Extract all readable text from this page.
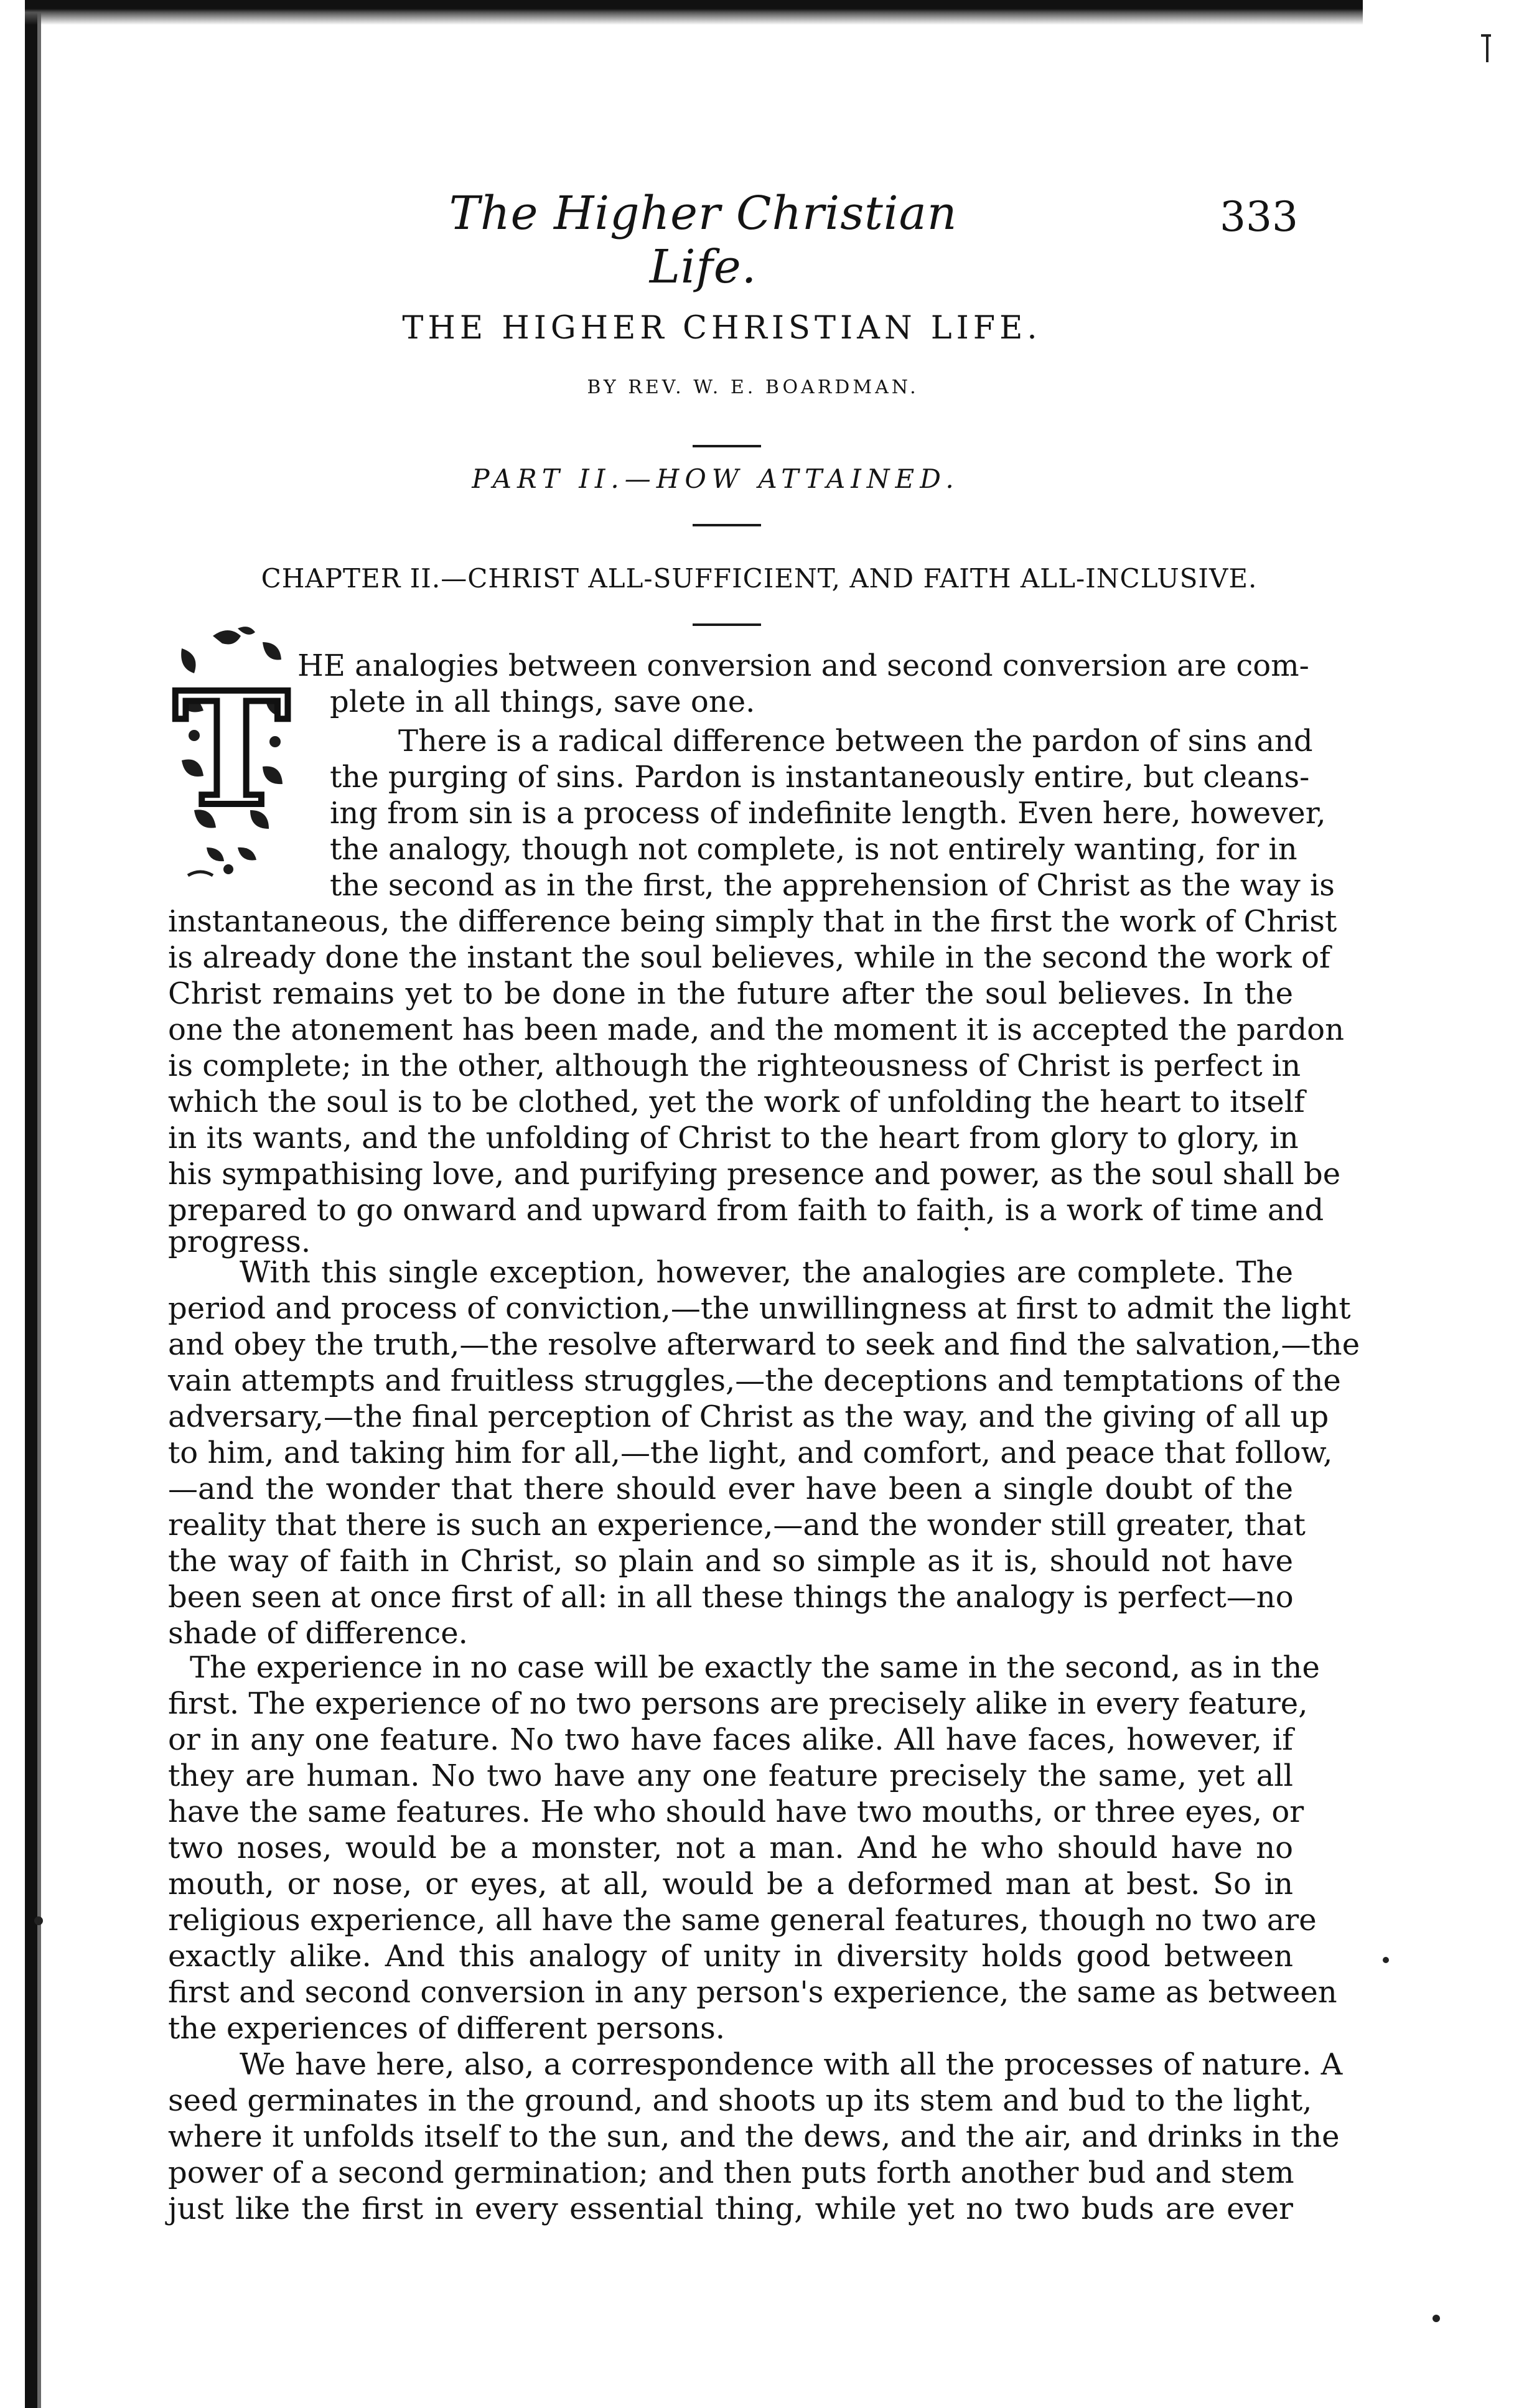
The Higher Christian Life.
333
THE HIGHER CHRISTIAN LIFE.
BY REV. W. E. BOARDMAN.
PART II.—HOW ATTAINED.
CHAPTER II.—CHRIST ALL-SUFFICIENT, AND FAITH ALL-INCLUSIVE.
T HE analogies between conversion and second conversion are com-
plete in all things, save one.
There is a radical difference between the pardon of sins and
the purging of sins. Pardon is instantaneously entire, but cleans-
ing from sin is a process of indefinite length. Even here, however,
the analogy, though not complete, is not entirely wanting, for in
the second as in the first, the apprehension of Christ as the way is
instantaneous, the difference being simply that in the first the work of Christ
is already done the instant the soul believes, while in the second the work of
Christ remains yet to be done in the future after the soul believes. In the
one the atonement has been made, and the moment it is accepted the pardon
is complete; in the other, although the righteousness of Christ is perfect in
which the soul is to be clothed, yet the work of unfolding the heart to itself
in its wants, and the unfolding of Christ to the heart from glory to glory, in
his sympathising love, and purifying presence and power, as the soul shall be
prepared to go onward and upward from faith to faith, is a work of time and
progress.
With this single exception, however, the analogies are complete. The
period and process of conviction,—the unwillingness at first to admit the light
and obey the truth,—the resolve afterward to seek and find the salvation,—the
vain attempts and fruitless struggles,—the deceptions and temptations of the
adversary,—the final perception of Christ as the way, and the giving of all up
to him, and taking him for all,—the light, and comfort, and peace that follow,
—and the wonder that there should ever have been a single doubt of the
reality that there is such an experience,—and the wonder still greater, that
the way of faith in Christ, so plain and so simple as it is, should not have
been seen at once first of all: in all these things the analogy is perfect—no
shade of difference.
The experience in no case will be exactly the same in the second, as in the
first. The experience of no two persons are precisely alike in every feature,
or in any one feature. No two have faces alike. All have faces, however, if
they are human. No two have any one feature precisely the same, yet all
have the same features. He who should have two mouths, or three eyes, or
two noses, would be a monster, not a man. And he who should have no
mouth, or nose, or eyes, at all, would be a deformed man at best. So in
religious experience, all have the same general features, though no two are
exactly alike. And this analogy of unity in diversity holds good between
first and second conversion in any person's experience, the same as between
the experiences of different persons.
We have here, also, a correspondence with all the processes of nature. A
seed germinates in the ground, and shoots up its stem and bud to the light,
where it unfolds itself to the sun, and the dews, and the air, and drinks in the
power of a second germination; and then puts forth another bud and stem
just like the first in every essential thing, while yet no two buds are ever
